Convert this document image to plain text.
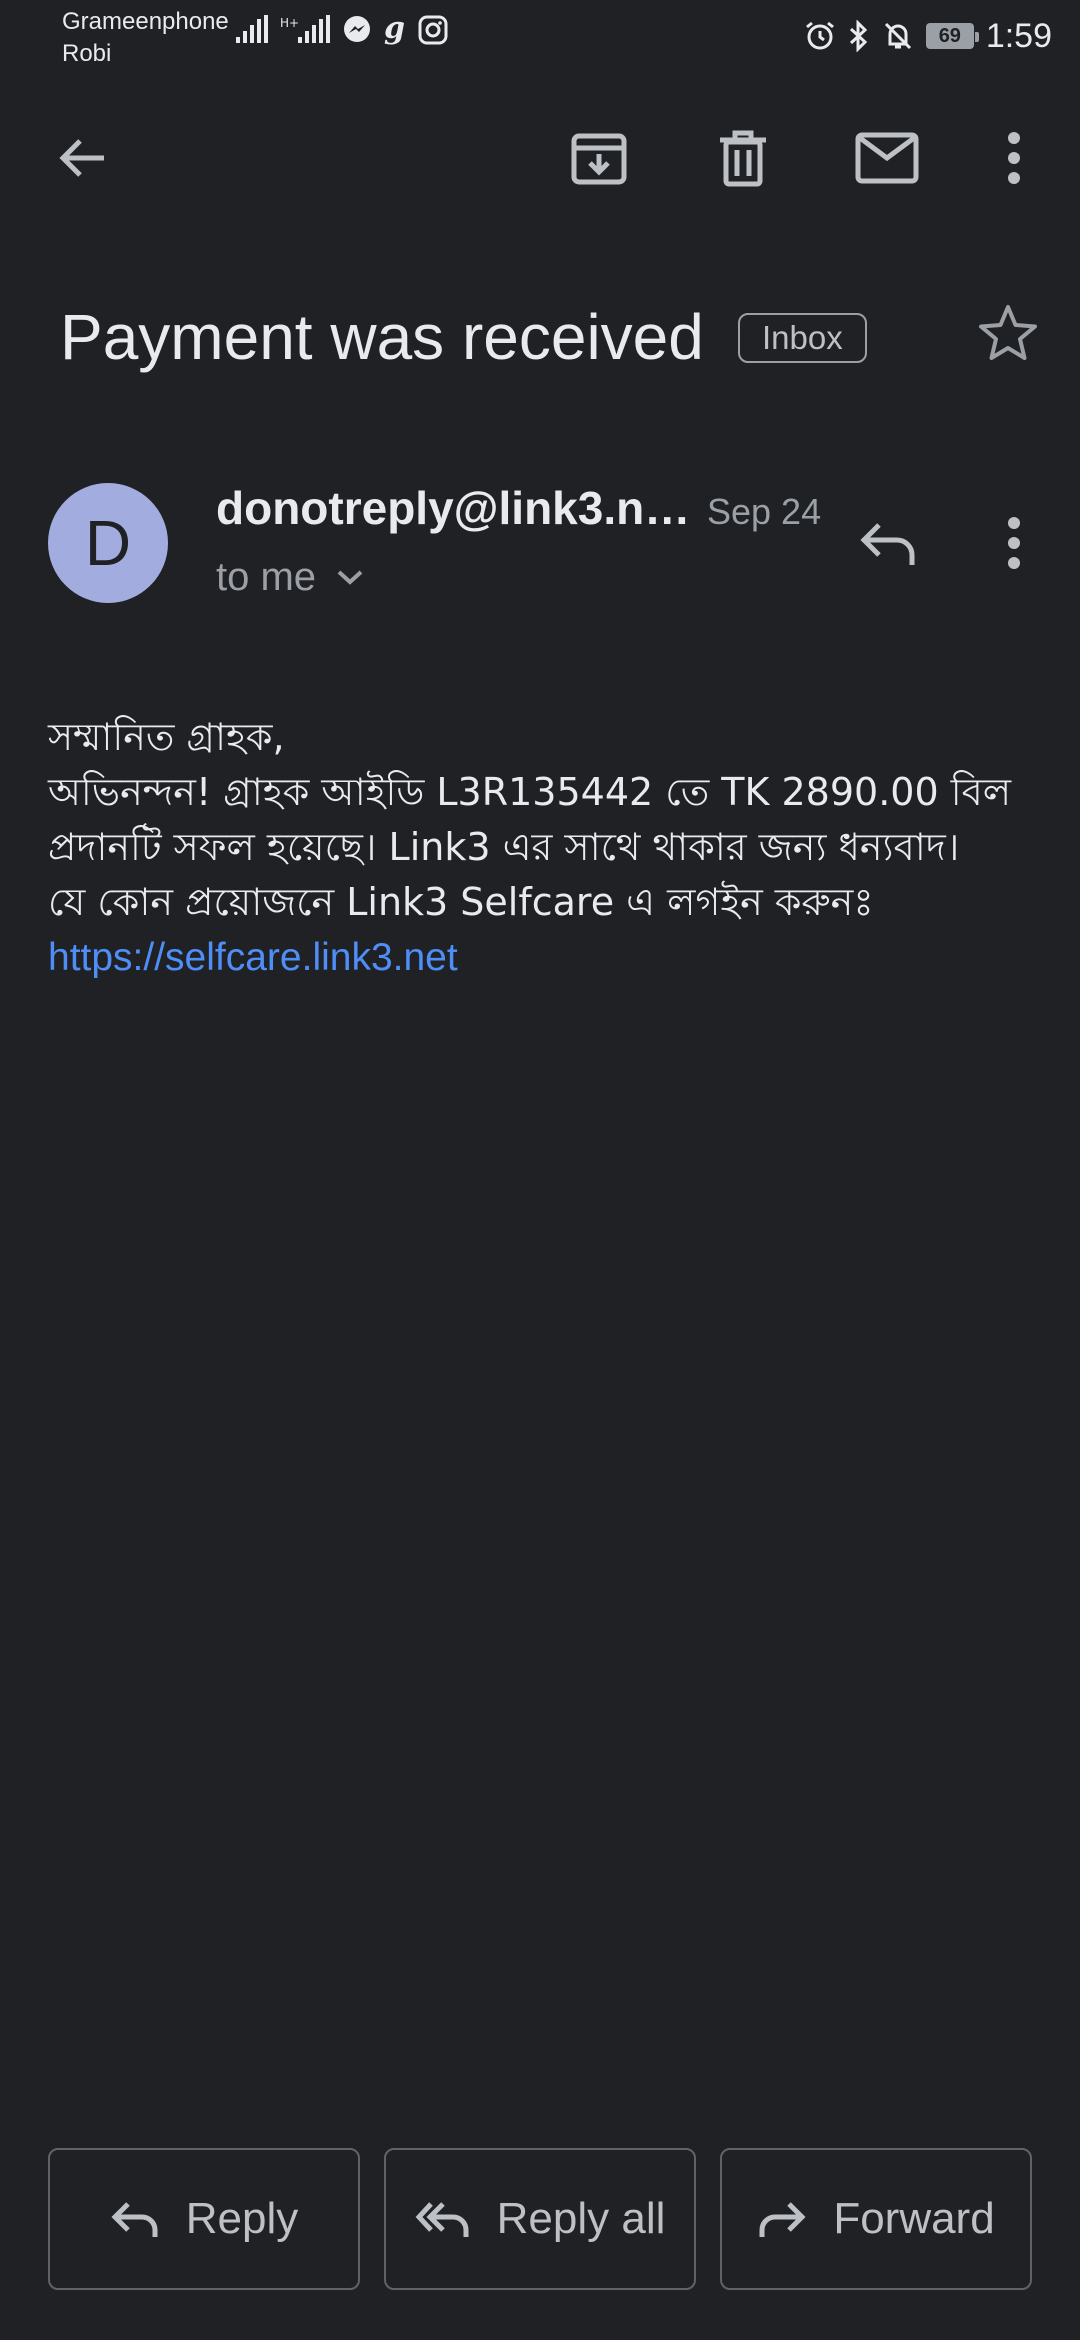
Grameenphone
Robi
H+	g	69 1:59
Payment was received	Inbox
D	donotreply@link3.n… Sep 24
to me

সম্মানিত গ্রাহক,

অভিনন্দন! গ্রাহক আইডি L3R135442 তে TK 2890.00 বিল

প্রদানটি সফল হয়েছে। Link3 এর সাথে থাকার জন্য ধন্যবাদ।

যে কোন প্রয়োজনে Link3 Selfcare এ লগইন করুনঃ

https://selfcare.link3.net

Reply	Reply all	Forward
